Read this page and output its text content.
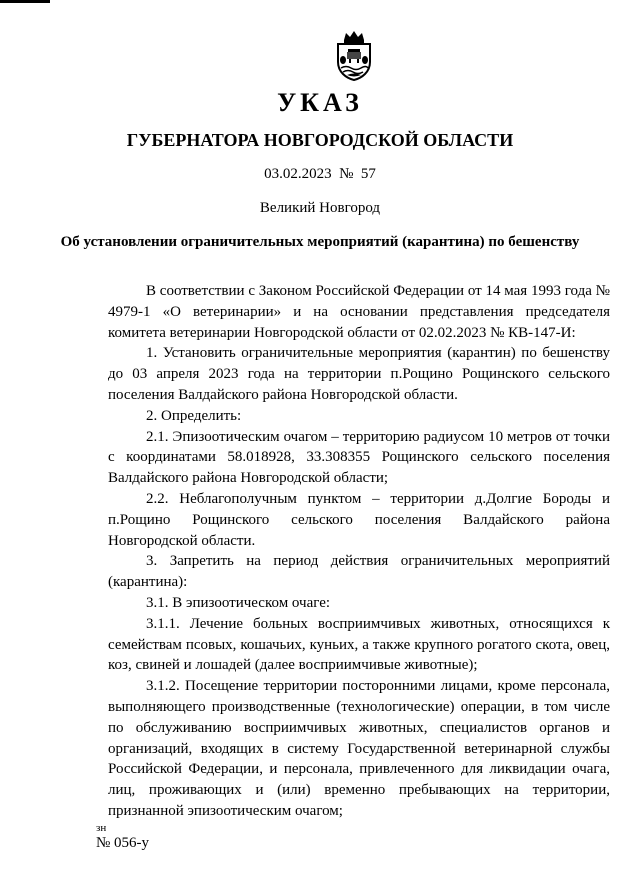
УКАЗ
ГУБЕРНАТОРА НОВГОРОДСКОЙ ОБЛАСТИ
03.02.2023  №  57
Великий Новгород
Об установлении ограничительных мероприятий (карантина) по бешенству

В соответствии с Законом Российской Федерации от 14 мая 1993 года № 4979-1 «О ветеринарии» и на основании представления председателя комитета ветеринарии Новгородской области от 02.02.2023 № КВ-147-И:

1. Установить ограничительные мероприятия (карантин) по бешенству до 03 апреля 2023 года на территории п.Рощино Рощинского сельского поселения Валдайского района Новгородской области.

2. Определить:

2.1. Эпизоотическим очагом – территорию радиусом 10 метров от точки с координатами 58.018928, 33.308355 Рощинского сельского поселения Валдайского района Новгородской области;

2.2. Неблагополучным пунктом – территории д.Долгие Бороды и п.Рощино Рощинского сельского поселения Валдайского района Новгородской области.

3. Запретить на период действия ограничительных мероприятий (карантина):

3.1. В эпизоотическом очаге:

3.1.1. Лечение больных восприимчивых животных, относящихся к семействам псовых, кошачьих, куньих, а также крупного рогатого скота, овец, коз, свиней и лошадей (далее восприимчивые животные);

3.1.2. Посещение территории посторонними лицами, кроме персонала, выполняющего производственные (технологические) операции, в том числе по обслуживанию восприимчивых животных, специалистов органов и организаций, входящих в систему Государственной ветеринарной службы Российской Федерации, и персонала, привлеченного для ликвидации очага, лиц, проживающих и (или) временно пребывающих на территории, признанной эпизоотическим очагом;

зн
№ 056-у
